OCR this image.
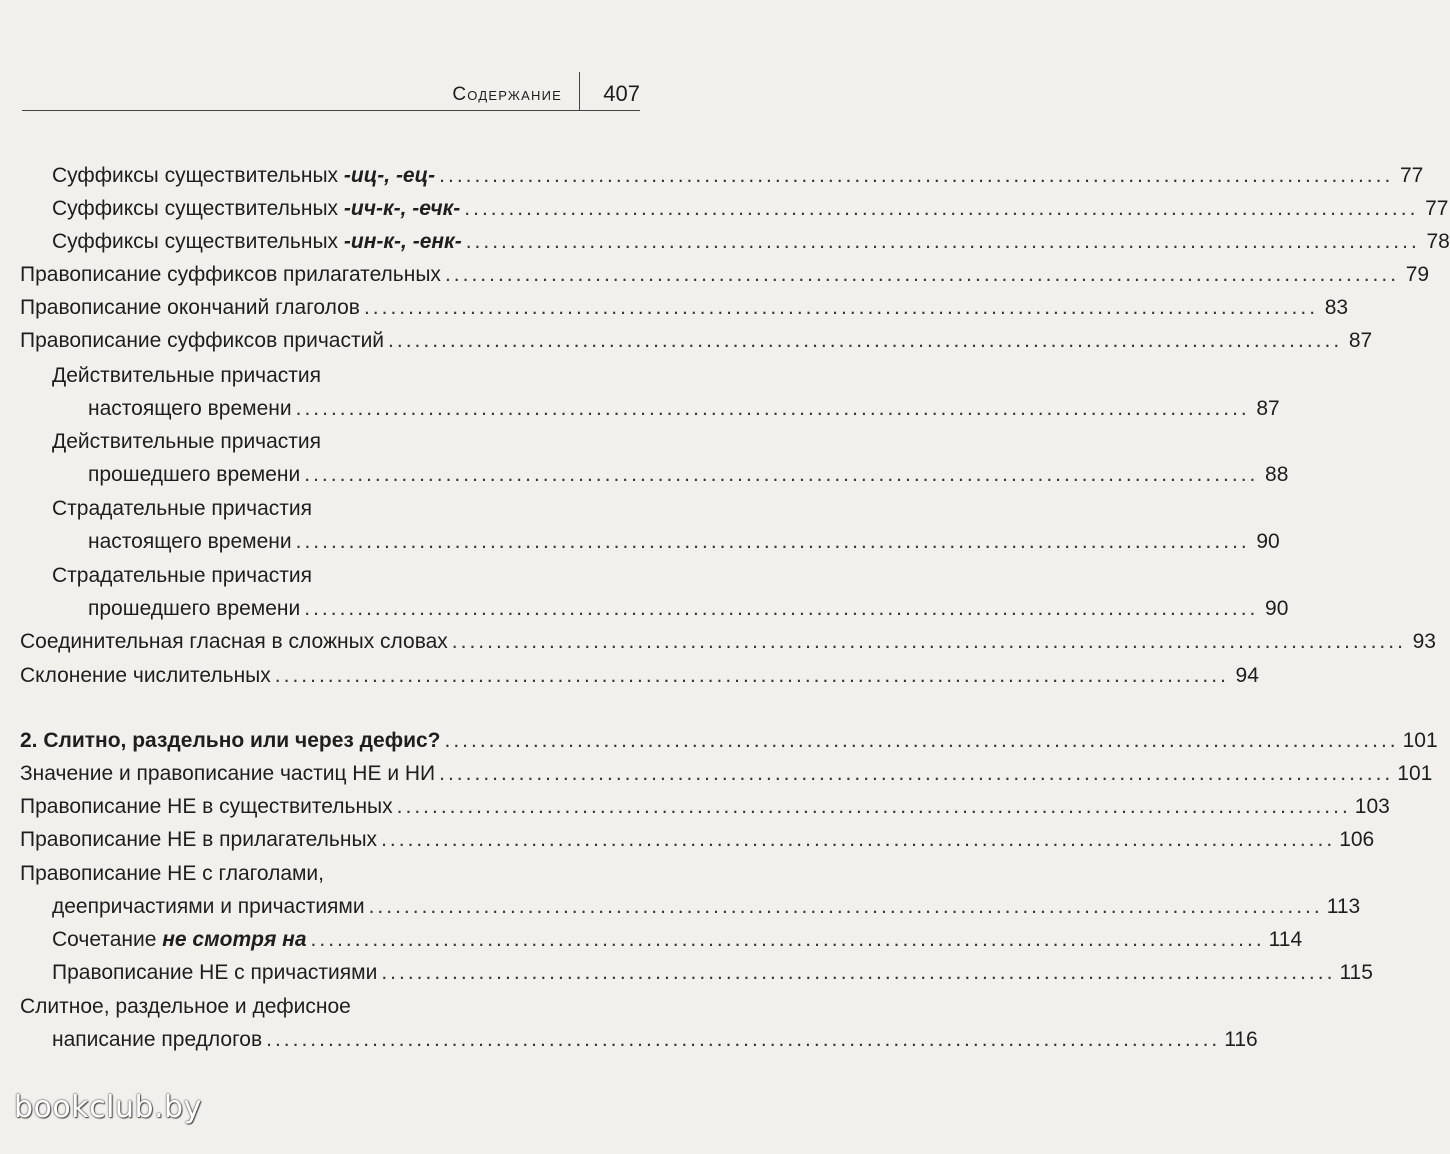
Содержание 407
Суффиксы существительных -иц-, -ец- ............................................................................................................ 77
Суффиксы существительных -ич-к-, -ечк- ............................................................................................................ 77
Суффиксы существительных -ин-к-, -енк- ............................................................................................................ 78
Правописание суффиксов прилагательных ............................................................................................................ 79
Правописание окончаний глаголов ............................................................................................................ 83
Правописание суффиксов причастий ............................................................................................................ 87
Действительные причастия
настоящего времени ............................................................................................................ 87
Действительные причастия
прошедшего времени ............................................................................................................ 88
Страдательные причастия
настоящего времени ............................................................................................................ 90
Страдательные причастия
прошедшего времени ............................................................................................................ 90
Соединительная гласная в сложных словах ............................................................................................................ 93
Склонение числительных ............................................................................................................ 94
2. Слитно, раздельно или через дефис? ............................................................................................................ 101
Значение и правописание частиц НЕ и НИ ............................................................................................................ 101
Правописание НЕ в существительных ............................................................................................................ 103
Правописание НЕ в прилагательных ............................................................................................................ 106
Правописание НЕ с глаголами,
деепричастиями и причастиями ............................................................................................................ 113
Сочетание не смотря на ............................................................................................................ 114
Правописание НЕ с причастиями ............................................................................................................ 115
Слитное, раздельное и дефисное
написание предлогов ............................................................................................................ 116
bookclub.by
